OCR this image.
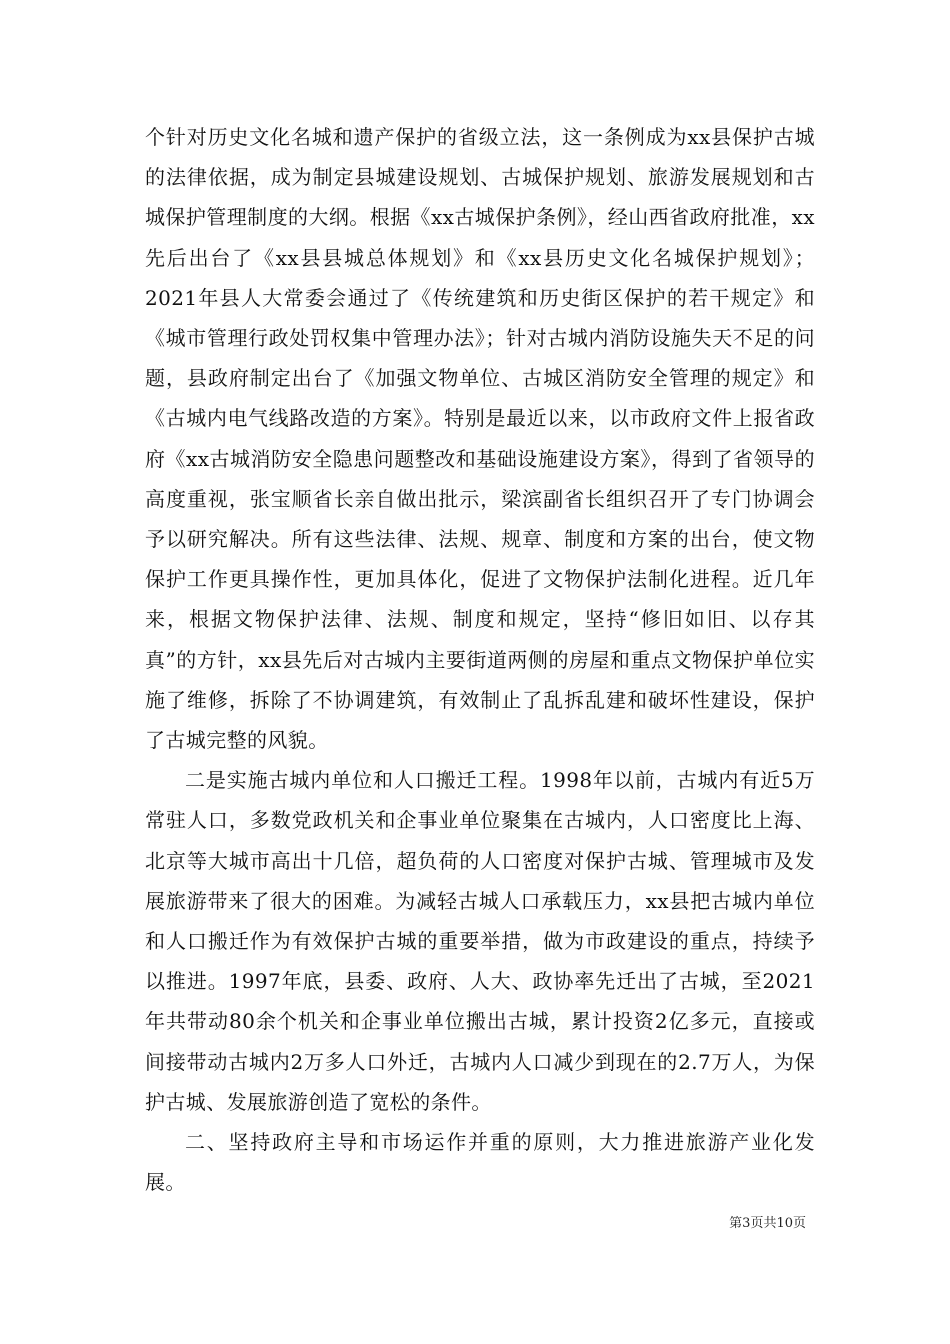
个针对历史文化名城和遗产保护的省级立法，这一条例成为xx县保护古城的法律依据，成为制定县城建设规划、古城保护规划、旅游发展规划和古城保护管理制度的大纲。根据《xx古城保护条例》，经山西省政府批准，xx先后出台了《xx县县城总体规划》和《xx县历史文化名城保护规划》；2021年县人大常委会通过了《传统建筑和历史街区保护的若干规定》和《城市管理行政处罚权集中管理办法》；针对古城内消防设施失天不足的问题，县政府制定出台了《加强文物单位、古城区消防安全管理的规定》和《古城内电气线路改造的方案》。特别是最近以来，以市政府文件上报省政府《xx古城消防安全隐患问题整改和基础设施建设方案》，得到了省领导的高度重视，张宝顺省长亲自做出批示，梁滨副省长组织召开了专门协调会予以研究解决。所有这些法律、法规、规章、制度和方案的出台，使文物保护工作更具操作性，更加具体化，促进了文物保护法制化进程。近几年来，根据文物保护法律、法规、制度和规定，坚持“修旧如旧、以存其真”的方针，xx县先后对古城内主要街道两侧的房屋和重点文物保护单位实施了维修，拆除了不协调建筑，有效制止了乱拆乱建和破坏性建设，保护了古城完整的风貌。

二是实施古城内单位和人口搬迁工程。1998年以前，古城内有近5万常驻人口，多数党政机关和企事业单位聚集在古城内，人口密度比上海、北京等大城市高出十几倍，超负荷的人口密度对保护古城、管理城市及发展旅游带来了很大的困难。为减轻古城人口承载压力，xx县把古城内单位和人口搬迁作为有效保护古城的重要举措，做为市政建设的重点，持续予以推进。1997年底，县委、政府、人大、政协率先迁出了古城，至2021年共带动80余个机关和企事业单位搬出古城，累计投资2亿多元，直接或间接带动古城内2万多人口外迁，古城内人口减少到现在的2.7万人，为保护古城、发展旅游创造了宽松的条件。

二、坚持政府主导和市场运作并重的原则，大力推进旅游产业化发展。

第3页共10页
